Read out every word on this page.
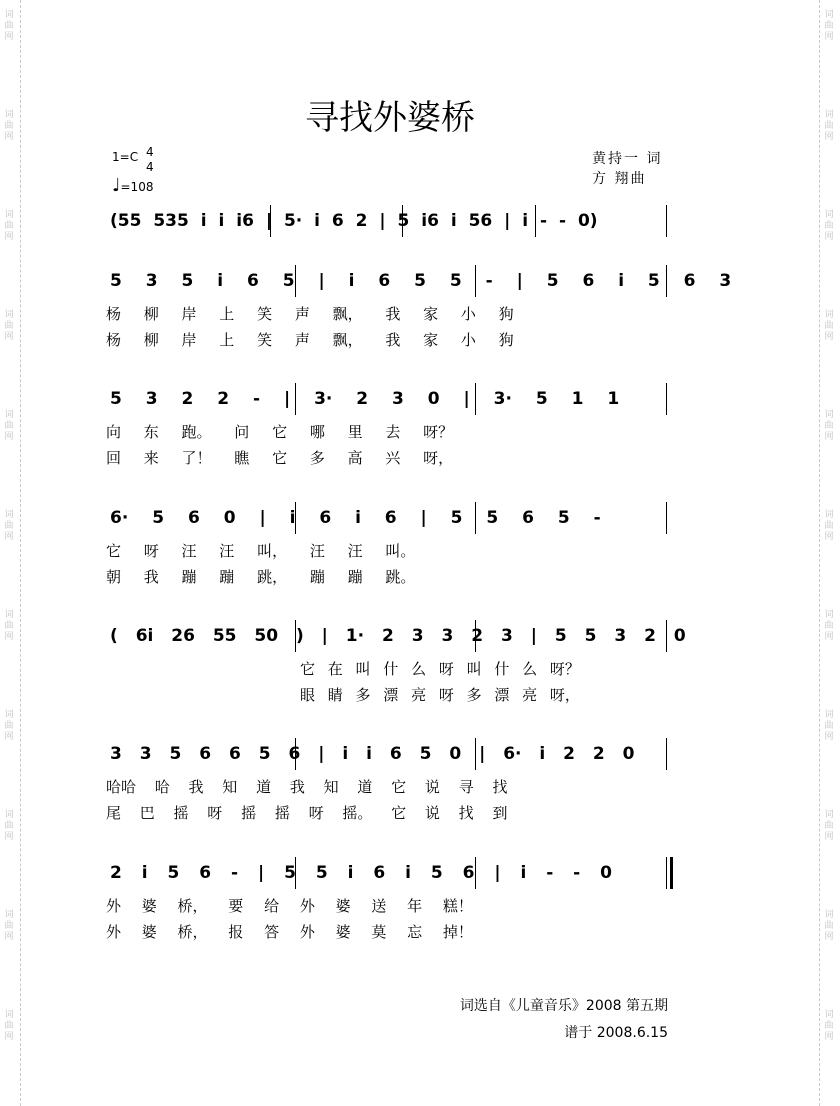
词曲网
词曲网
词曲网
词曲网
词曲网
词曲网
词曲网
词曲网
词曲网
词曲网
词曲网
词曲网
词曲网
词曲网
词曲网
词曲网
词曲网
词曲网
词曲网
词曲网
词曲网
词曲网
寻找外婆桥
1=C 4
4
♩=108
黄持一 词
方 翔曲
(55 535 i i i6 | 5· i 6 2 | 5 i6 i 56 | i - - 0)
5 3 5 i 6 5 | i 6 5 5 - | 5 6 i 5 6 3
杨 柳 岸 上 笑 声 飘， 我 家 小 狗
杨 柳 岸 上 笑 声 飘， 我 家 小 狗
5 3 2 2 - | 3· 2 3 0 | 3· 5 1 1
向 东 跑。 问 它 哪 里 去 呀？
回 来 了！ 瞧 它 多 高 兴 呀，
6· 5 6 0 | i 6 i 6 | 5 5 6 5 -
它 呀 汪 汪 叫， 汪 汪 叫。
朝 我 蹦 蹦 跳， 蹦 蹦 跳。
( 6i 26 55 50 ) | 1· 2 3 3 2 3 | 5 5 3 2 0
它 在 叫 什 么 呀 叫 什 么 呀？
眼 睛 多 漂 亮 呀 多 漂 亮 呀，
3 3 5 6 6 5 6 | i i 6 5 0 | 6· i 2 2 0
哈哈 哈 我 知 道 我 知 道 它 说 寻 找
尾 巴 摇 呀 摇 摇 呀 摇。 它 说 找 到
2 i 5 6 - | 5 5 i 6 i 5 6 | i - - 0
外 婆 桥， 要 给 外 婆 送 年 糕！
外 婆 桥， 报 答 外 婆 莫 忘 掉！
词选自《儿童音乐》2008 第五期
谱于 2008.6.15
